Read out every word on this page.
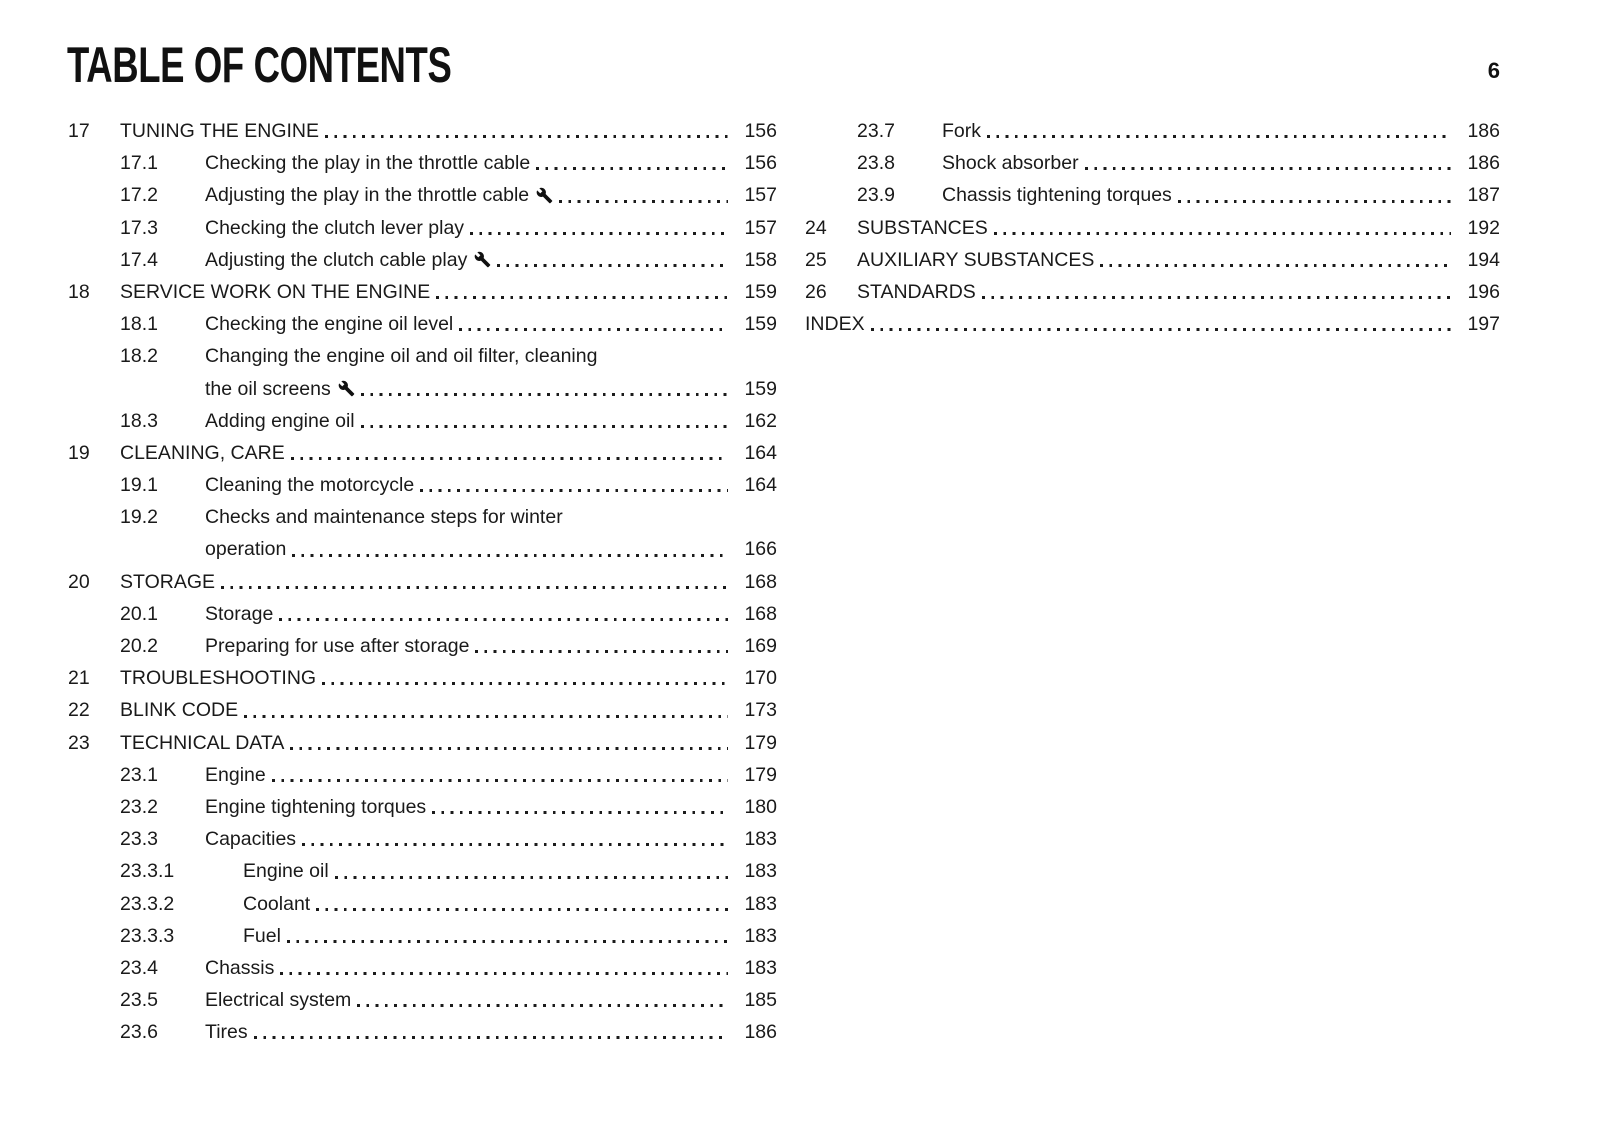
TABLE OF CONTENTS	6
17	TUNING THE ENGINE	156
17.1	Checking the play in the throttle cable	156
17.2	Adjusting the play in the throttle cable	157
17.3	Checking the clutch lever play	157
17.4	Adjusting the clutch cable play	158
18	SERVICE WORK ON THE ENGINE	159
18.1	Checking the engine oil level	159
18.2	Changing the engine oil and oil filter, cleaning
the oil screens	159
18.3	Adding engine oil	162
19	CLEANING, CARE	164
19.1	Cleaning the motorcycle	164
19.2	Checks and maintenance steps for winter
operation	166
20	STORAGE	168
20.1	Storage	168
20.2	Preparing for use after storage	169
21	TROUBLESHOOTING	170
22	BLINK CODE	173
23	TECHNICAL DATA	179
23.1	Engine	179
23.2	Engine tightening torques	180
23.3	Capacities	183
23.3.1	Engine oil	183
23.3.2	Coolant	183
23.3.3	Fuel	183
23.4	Chassis	183
23.5	Electrical system	185
23.6	Tires	186
23.7	Fork	186
23.8	Shock absorber	186
23.9	Chassis tightening torques	187
24	SUBSTANCES	192
25	AUXILIARY SUBSTANCES	194
26	STANDARDS	196
INDEX	197
